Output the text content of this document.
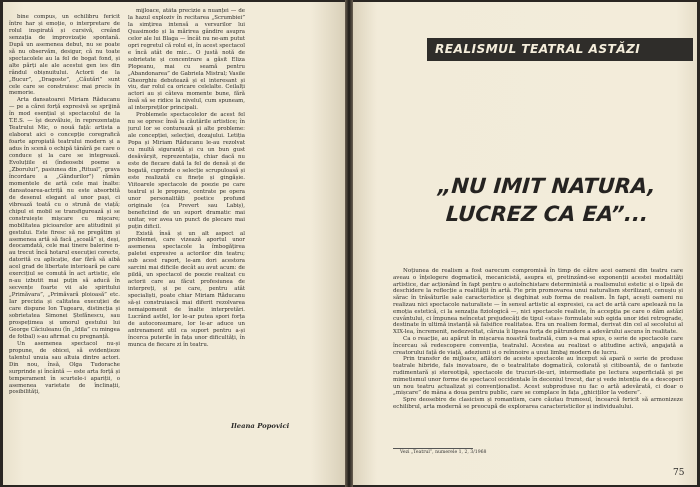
bine compus, un echilibru fericit între har și emoție, o interpretare de rolul inspirată și cursivă, creând senzația de improvizație spontană. După un asemenea debut, nu se poate să nu observăm, desigur, că nu toate spectacolele au la fel de bogat fond, și alte părți ale ale acestui gen ies din rândul obișnuitului. Actorii de la „Bucur”, „Dragoste”, „Căutări” sunt cele care se construiesc mai precis în memorie.

Arta dansatoarei Miriam Răducanu — pe a cărei forță expresivă se sprijină în mod esențial și spectacolul de la T.E.S. — își dezvăluie, în reprezentația Teatrului Mic, o nouă față: artista a elaborat aici o concepție coregrafică foarte apropiată teatrului modern și a adus în scenă o echipă tânără pe care o conduce și la care se integrează. Evoluțiile ei (îndeosebi poeme a „Zborului”, pasiunea din „Ritual”, grava încordare a „Gândurilor”) rămân momentele de artă cele mai înalte: dansatoarea-actriță nu este absorbită de desenul elegant al unor pași, ci vibrează toată cu o strună de viață; chipul ei mobil se transfigurează și se construiește mișcare cu mișcare; mobilitatea picioarelor are atitudinii și gestului. Este firesc să ne pregătim și asemenea artă să facă „școală” și, deși, deocamdată, cele mai tinere balerine n-au trecut încă hotarul execuției corecte, datorită cu aplicație, dar fără să aibă acel grad de libertate interioară pe care exercițiul se comută în act artistic, ele n-au izbutit mai puțin să aducă în secvențe foarte vii ale spiritului „Primăvara”, „Primăvară ploioasă” etc. Iar precizia și calitatea execuției de care dispune Ion Tugearu, distincția și sobrietatea Simonei Ștefănescu, sau prospețimea și umorul gestului lui George Căciuleanu (în „Idila” cu mingea de fotbal) s-au afirmat cu pregnanță.

Un asemenea spectacol nu-și propune, de obicei, să evidențieze talentul unuia sau altuia dintre actori. Din nou, însă, Olga Tudorache surprinde și încântă — este arta forță și temperament în scurtele-i apariții, o asemenea varietate de înclinații, posibilități,

mijloace, atâta precizie a nuanței — de la hazul exploziv în recitarea „Scrumbiei” la simțirea intensă a versurilor lui Quasimodo și la mărirea gândire asupra celor ale lui Blaga — încât nu ne-am putut opri regretul că rolul ei, în acest spectacol e încă atât de mic... O justă notă de sobrietate și concentrare a găsit Eliza Plopeanu, mai cu seamă pentru „Abandonarea” de Gabriela Mistral; Vasile Gheorghiu debutează și el interesant și viu, dar rolul ca oricare celelalte. Ceilalți actori au și câteva momente bune, fără însă să se ridice la nivelul, cum spuneam, al interpreților principali.

Problemele spectacolelor de acest fel nu se opresc însă la căutările artistice; în jurul lor se conturează și alte probleme: ale concepției, selecției, dozajului. Letiția Popa și Miriam Răducanu le-au rezolvat cu multă siguranță și cu un bun gust desăvârșit, reprezentația, chiar dacă nu este de fiecare dată la fel de densă și de bogată, cuprinde o selecție scrupuloasă și este realizată cu finețe și gingășie. Viitoarele spectacole de poezie pe care teatrul și le propune, centrate pe opera unor personalități poetice profund originale (ca Prevert sau Labiș), beneficiind de un suport dramatic mai unitar, vor avea un punct de plecare mai puțin dificil.

Există însă și un alt aspect al problemei, care vizează aportul unor asemenea spectacole la îmbogățirea paletei expresive a actorilor din teatru; sub acest raport, le-am dori acestora sarcini mai dificile decât au avut acum: de pildă, un spectacol de poezie realizat cu actorii care au făcut profesiunea de interpreți, și pe care, pentru atât specialiști, poate chiar Miriam Răducanu să-și construiască mai diferit rezolvarea nemaipomenit de înalte interpretări. Lucrând astfel, lor le-ar putea spori forța de autoconsumare, lor le-ar aduce un antrenament util ca suport pentru a-și încerca puterile în fața unor dificultăți, în munca de fiecare zi în teatru.

Ileana Popovici
REALISMUL TEATRAL ASTĂZI
„NU IMIT NATURA,
LUCREZ CA EA”...

Noțiunea de realism a fost oarecum compromisă în timp de către acei oameni din teatru care aveau o înțelegere dogmatică, mecanicistă, asupra ei, pretinzând-se exponenții acestei modalități artistice, dar acționând în fapt pentru o autoînchistare deterministă a realismului estetic și o lipsă de deschidere la reflecție a realității în artă. Fie prin promovarea unui naturalism sterilizant, cenușiu și sărac în trăsăturile sale caracteristice și deghinat sub forma de realism. În fapt, acești oameni nu realizau nici spectacole naturaliste — în sensul artistic al expresiei, ca act de artă care apelează nu la emoția estetică, ci la senzația fiziologică —, nici spectacole realiste, în accepția pe care o dăm astăzi cuvântului, ci împunea neîncetat prejudecăți de tipul «stas» formulate sub egida unor idei retrograde, destinate în ultimă instanță să falsifice realitatea. Era un realism formal, derivat din cel al secolului al XIX-lea, încremenit, nedezvoltat, căruia îi lipsea forța de pătrundere a adevărului ascuns în realitate.

Ca o reacție, au apărut în mișcarea noastră teatrală, cum s-a mai spus, o serie de spectacole care încercau să redescopere convenția, teatralul. Acestea au realizat o atitudine activă, angajată a creatorului față de viață, adeziunii și o reînnoire a unui limbaj modern de lucru.

Prin transfer de mijloace, aflători de aceste spectacole au început să apară o serie de produse teatrale hibride, fals inovatoare, de o teatralitate dogmatică, colorată și citiboantă, de o fantezie rudimentară și stereotipă, spectacole de trucuri-ile-uri, intermediate pe lectura superficială și pe mimetismul unor forme de spectacol occidentale în deceniul trecut, dar și vede intenția de a descoperi un nou teatru actualizat și convenționalist. Acest subproduse nu fac o artă adevărată, ci doar o „mișcare” de mâna a doua pentru public, care se complace în fața „ghiciților la vedere”.

Spre deosebire de clasicism și romantism, care căutau frumosul, încearcă fericit să armonizeze echilibrul, arta modernă se preocupă de explorarea caracteristicilor și individualului.

Vezi „Teatrul”, numerele 1, 2, 3/1968
75
